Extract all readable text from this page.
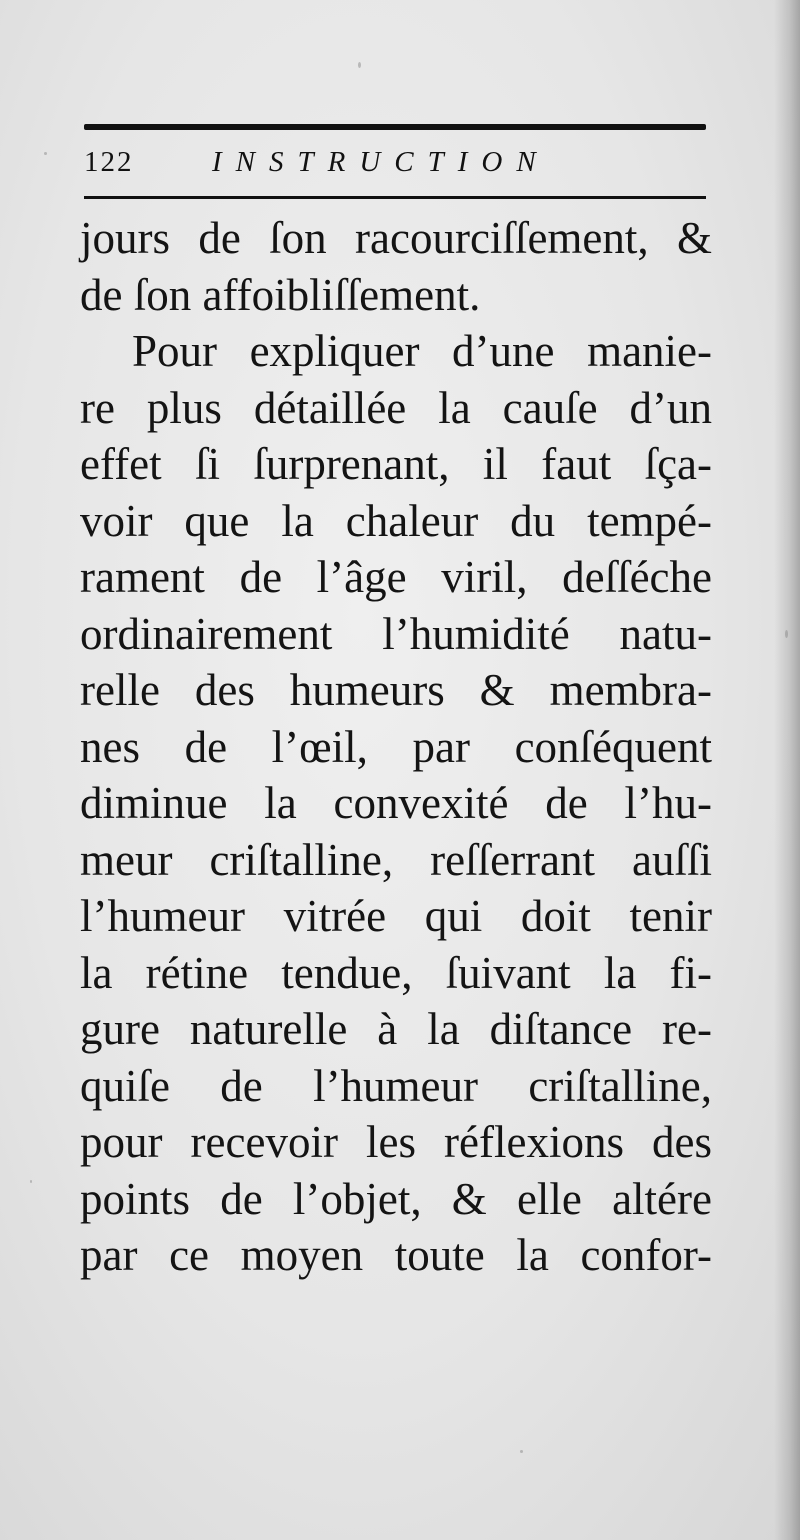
122	INSTRUCTION
jours de ſon racourciſſement, &
de ſon affoibliſſement.
Pour expliquer d’une manie-
re plus détaillée la cauſe d’un
effet ſi ſurprenant, il faut ſça-
voir que la chaleur du tempé-
rament de l’âge viril, deſſéche
ordinairement l’humidité natu-
relle des humeurs & membra-
nes de l’œil, par conſéquent
diminue la convexité de l’hu-
meur criſtalline, reſſerrant auſſi
l’humeur vitrée qui doit tenir
la rétine tendue, ſuivant la fi-
gure naturelle à la diſtance re-
quiſe de l’humeur criſtalline,
pour recevoir les réflexions des
points de l’objet, & elle altére
par ce moyen toute la confor-
